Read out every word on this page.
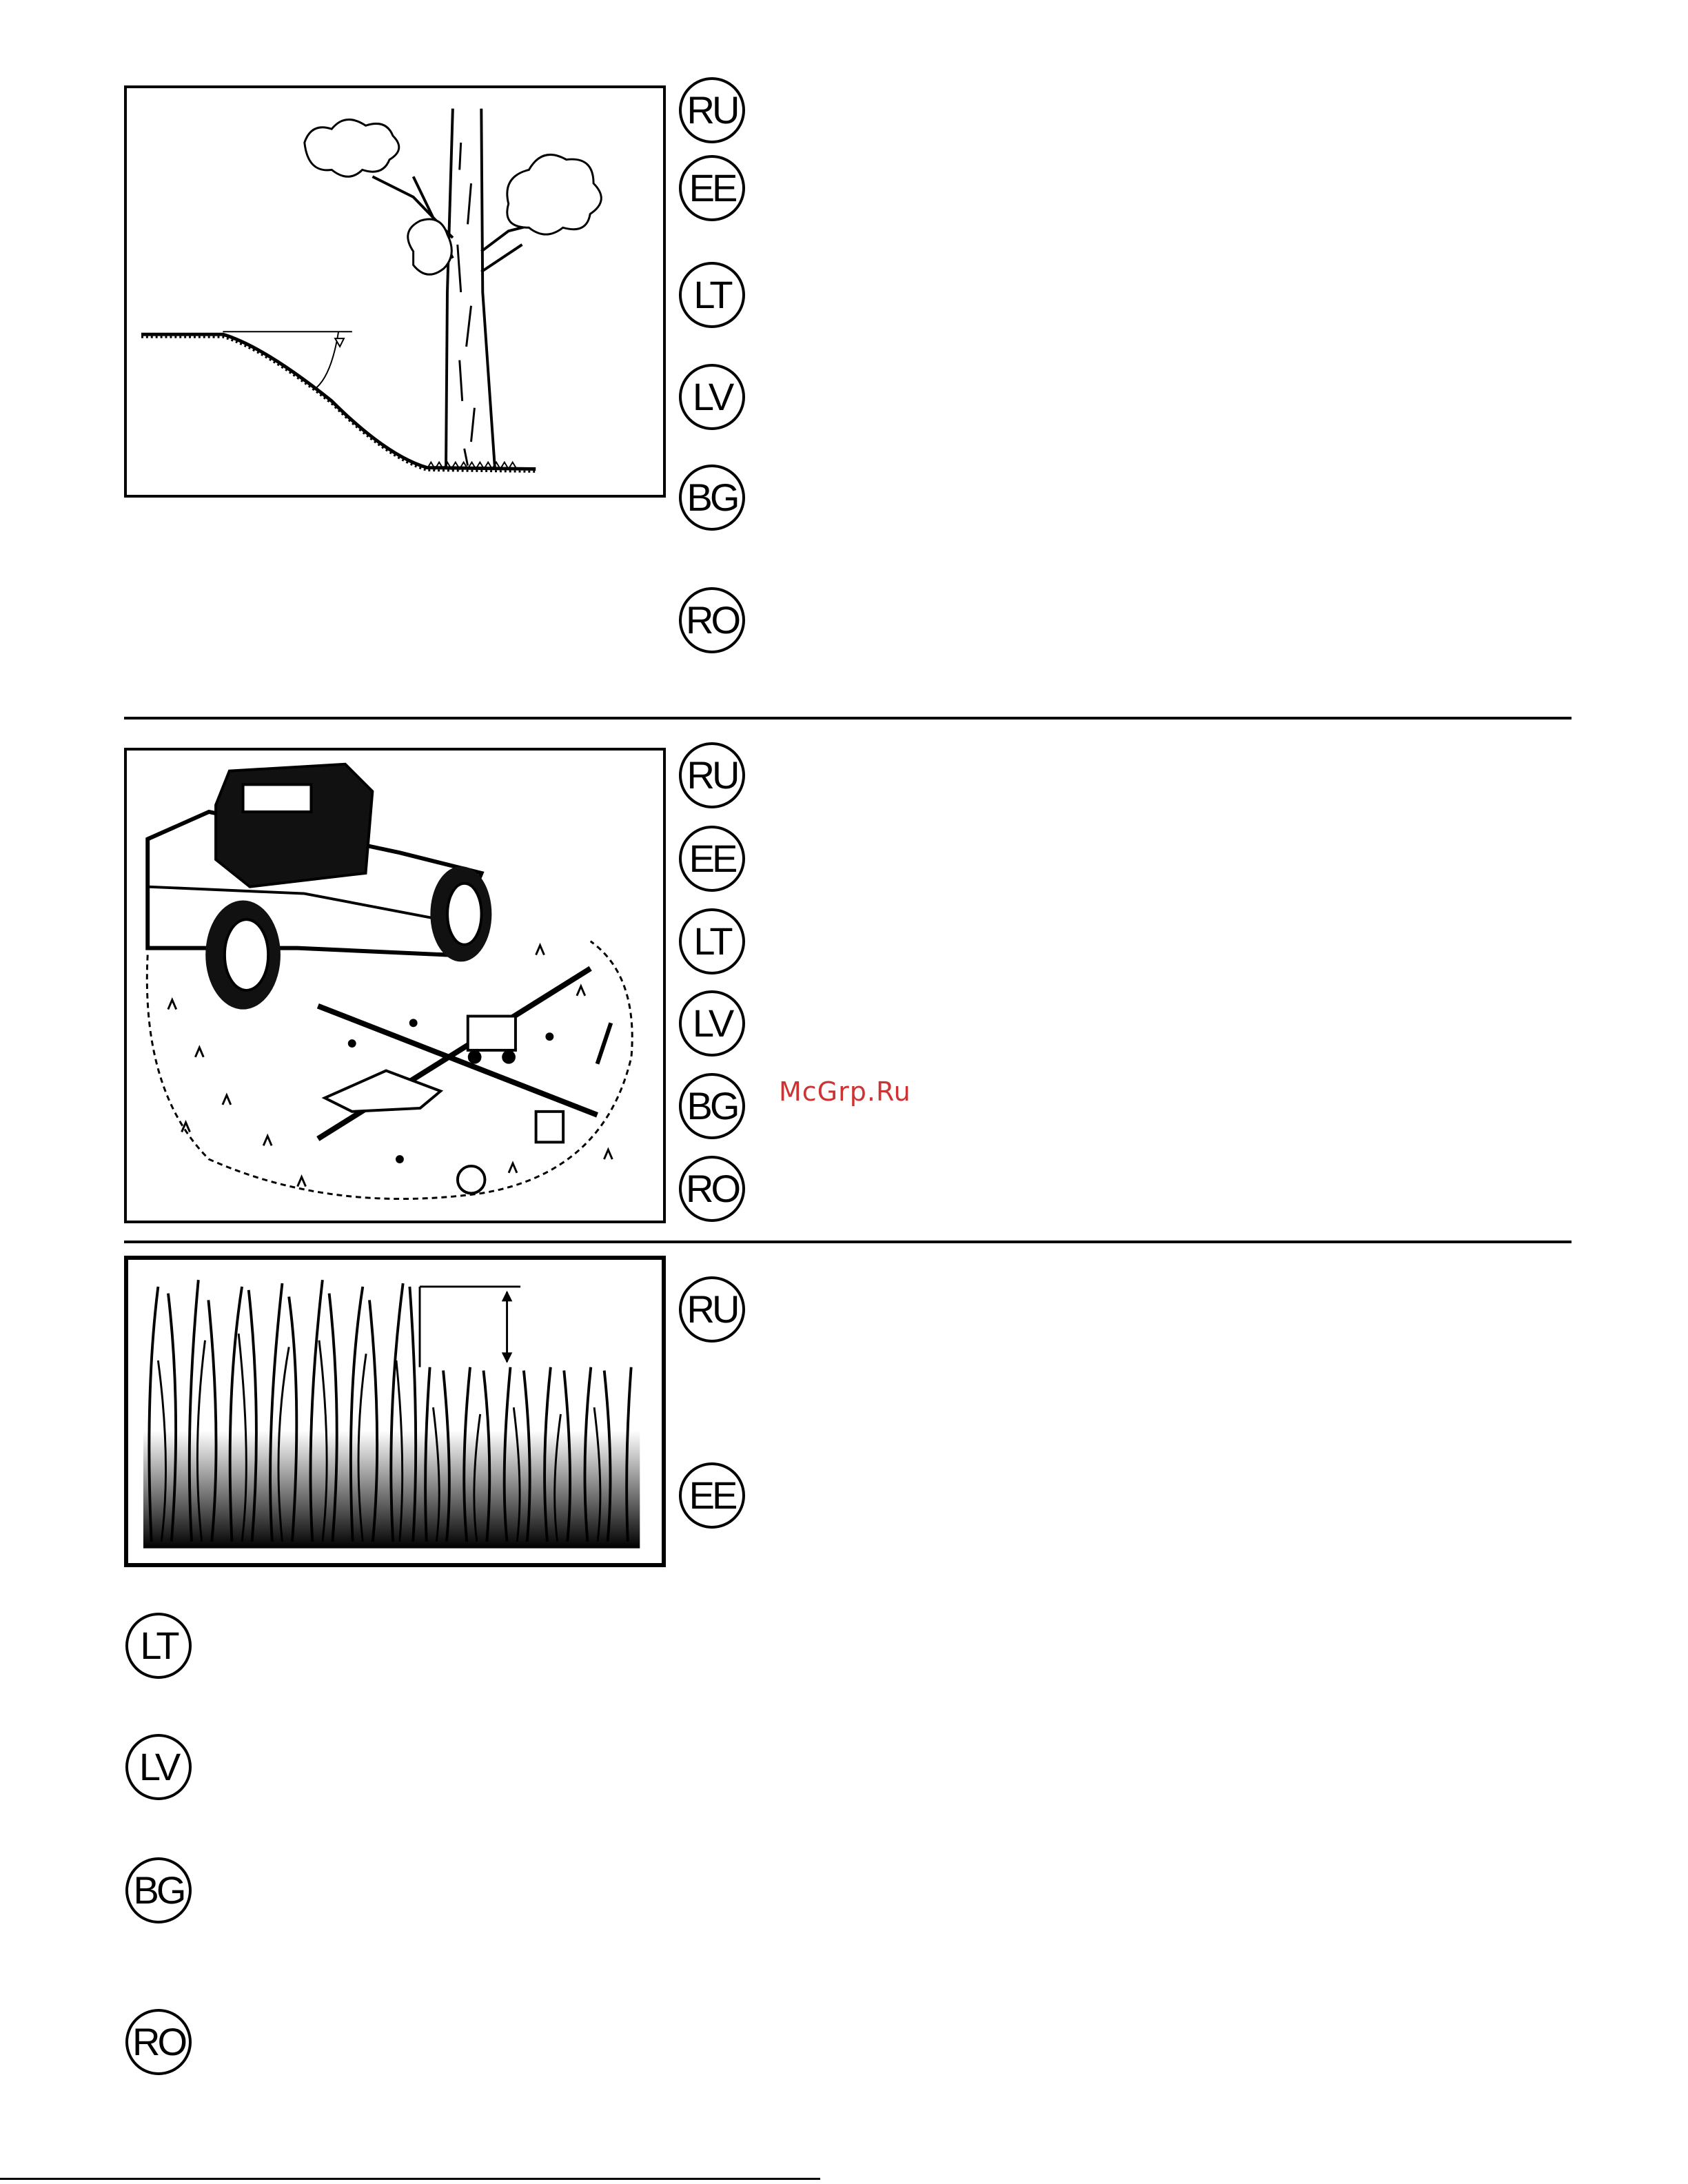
RU
EE
LT
LV
BG
RO
RU
EE
LT
LV
BG
RO
McGrp.Ru
RU
EE
LT
LV
BG
RO
